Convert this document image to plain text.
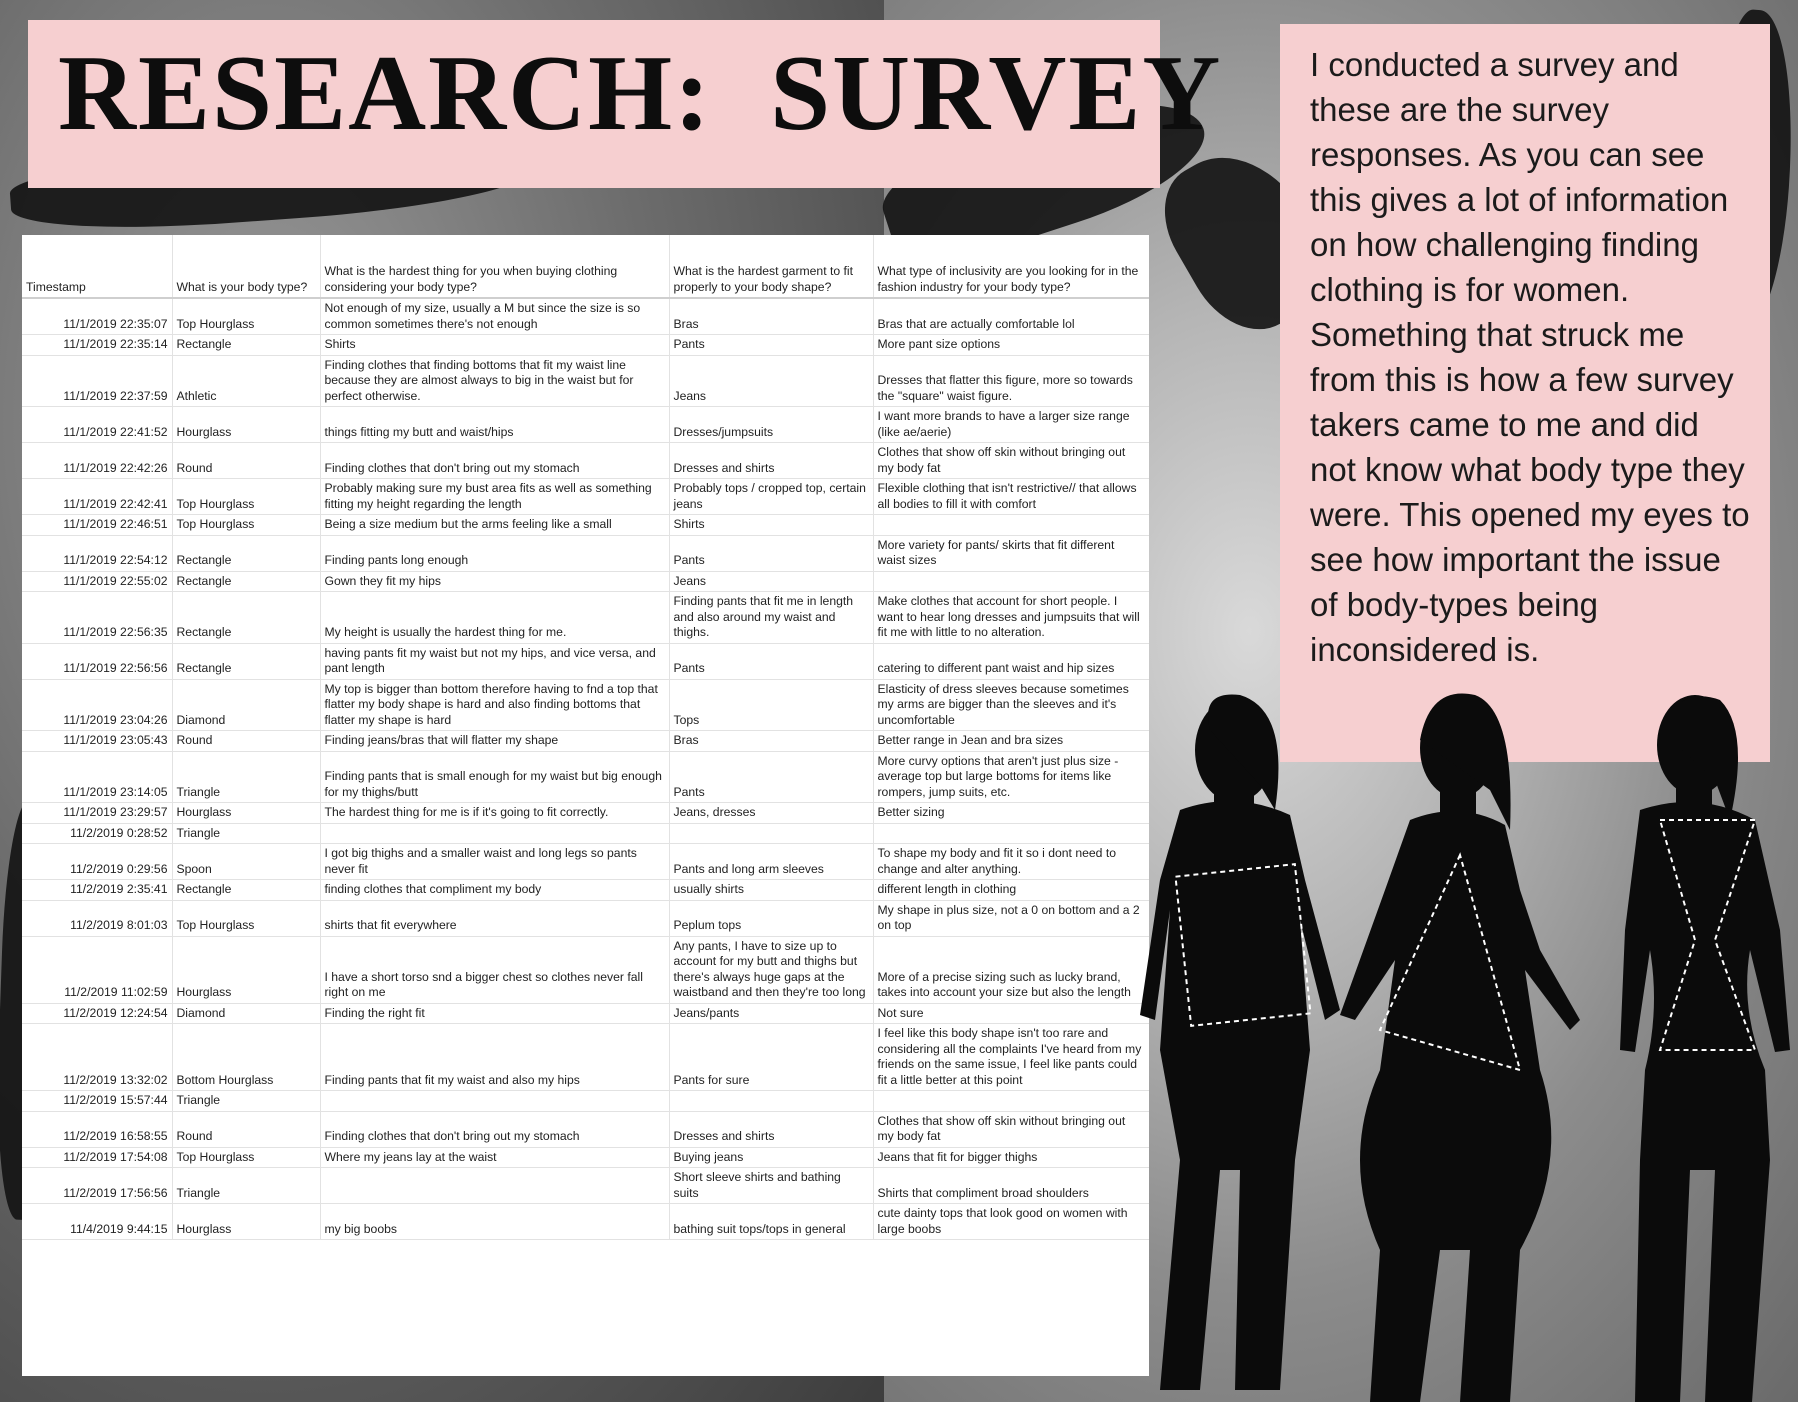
RESEARCH:  SURVEY	I conducted a survey and these are the survey responses. As you can see this gives a lot of information on how challenging finding clothing is for women. Something that struck me from this is how a few survey takers came to me and did not know what body type they were. This opened my eyes to see how important the issue of body-types being inconsidered is.
Timestamp	What is your body type?	What is the hardest thing for you when buying clothing considering your body type?	What is the hardest garment to fit properly to your body shape?	What type of inclusivity are you looking for in the fashion industry for your body type?
11/1/2019 22:35:07	Top Hourglass	Not enough of my size, usually a M but since the size is so common sometimes there's not enough	Bras	Bras that are actually comfortable lol
11/1/2019 22:35:14	Rectangle	Shirts	Pants	More pant size options
11/1/2019 22:37:59	Athletic	Finding clothes that finding bottoms that fit my waist line because they are almost always to big in the waist but for perfect otherwise.	Jeans	Dresses that flatter this figure, more so towards the "square" waist figure.
11/1/2019 22:41:52	Hourglass	things fitting my butt and waist/hips	Dresses/jumpsuits	I want more brands to have a larger size range (like ae/aerie)
11/1/2019 22:42:26	Round	Finding clothes that don't bring out my stomach	Dresses and shirts	Clothes that show off skin without bringing out my body fat
11/1/2019 22:42:41	Top Hourglass	Probably making sure my bust area fits as well as something fitting my height regarding the length	Probably tops / cropped top, certain jeans	Flexible clothing that isn't restrictive// that allows all bodies to fill it with comfort
11/1/2019 22:46:51	Top Hourglass	Being a size medium but the arms feeling like a small	Shirts	
11/1/2019 22:54:12	Rectangle	Finding pants long enough	Pants	More variety for pants/ skirts that fit different waist sizes
11/1/2019 22:55:02	Rectangle	Gown they fit my hips	Jeans	
11/1/2019 22:56:35	Rectangle	My height is usually the hardest thing for me.	Finding pants that fit me in length and also around my waist and thighs.	Make clothes that account for short people. I want to hear long dresses and jumpsuits that will fit me with little to no alteration.
11/1/2019 22:56:56	Rectangle	having pants fit my waist but not my hips, and vice versa, and pant length	Pants	catering to different pant waist and hip sizes
11/1/2019 23:04:26	Diamond	My top is bigger than bottom therefore having to fnd a top that flatter my body shape is hard and also finding bottoms that flatter my shape is hard	Tops	Elasticity of dress sleeves because sometimes my arms are bigger than the sleeves and it's uncomfortable
11/1/2019 23:05:43	Round	Finding jeans/bras that will flatter my shape	Bras	Better range in Jean and bra sizes
11/1/2019 23:14:05	Triangle	Finding pants that is small enough for my waist but big enough for my thighs/butt	Pants	More curvy options that aren't just plus size - average top but large bottoms for items like rompers, jump suits, etc.
11/1/2019 23:29:57	Hourglass	The hardest thing for me is if it's going to fit correctly.	Jeans, dresses	Better sizing
11/2/2019 0:28:52	Triangle			
11/2/2019 0:29:56	Spoon	I got big thighs and a smaller waist and long legs so pants never fit	Pants and long arm sleeves	To shape my body and fit it so i dont need to change and alter anything.
11/2/2019 2:35:41	Rectangle	finding clothes that compliment my body	usually shirts	different length in clothing
11/2/2019 8:01:03	Top Hourglass	shirts that fit everywhere	Peplum tops	My shape in plus size, not a 0 on bottom and a 2 on top
11/2/2019 11:02:59	Hourglass	I have a short torso snd a bigger chest so clothes never fall right on me	Any pants, I have to size up to account for my butt and thighs but there's always huge gaps at the waistband and then they're too long	More of a precise sizing such as lucky brand, takes into account your size but also the length
11/2/2019 12:24:54	Diamond	Finding the right fit	Jeans/pants	Not sure
11/2/2019 13:32:02	Bottom Hourglass	Finding pants that fit my waist and also my hips	Pants for sure	I feel like this body shape isn't too rare and considering all the complaints I've heard from my friends on the same issue, I feel like pants could fit a little better at this point
11/2/2019 15:57:44	Triangle			
11/2/2019 16:58:55	Round	Finding clothes that don't bring out my stomach	Dresses and shirts	Clothes that show off skin without bringing out my body fat
11/2/2019 17:54:08	Top Hourglass	Where my jeans lay at the waist	Buying jeans	Jeans that fit for bigger thighs
11/2/2019 17:56:56	Triangle		Short sleeve shirts and bathing suits	Shirts that compliment broad shoulders
11/4/2019 9:44:15	Hourglass	my big boobs	bathing suit tops/tops in general	cute dainty tops that look good on women with large boobs
